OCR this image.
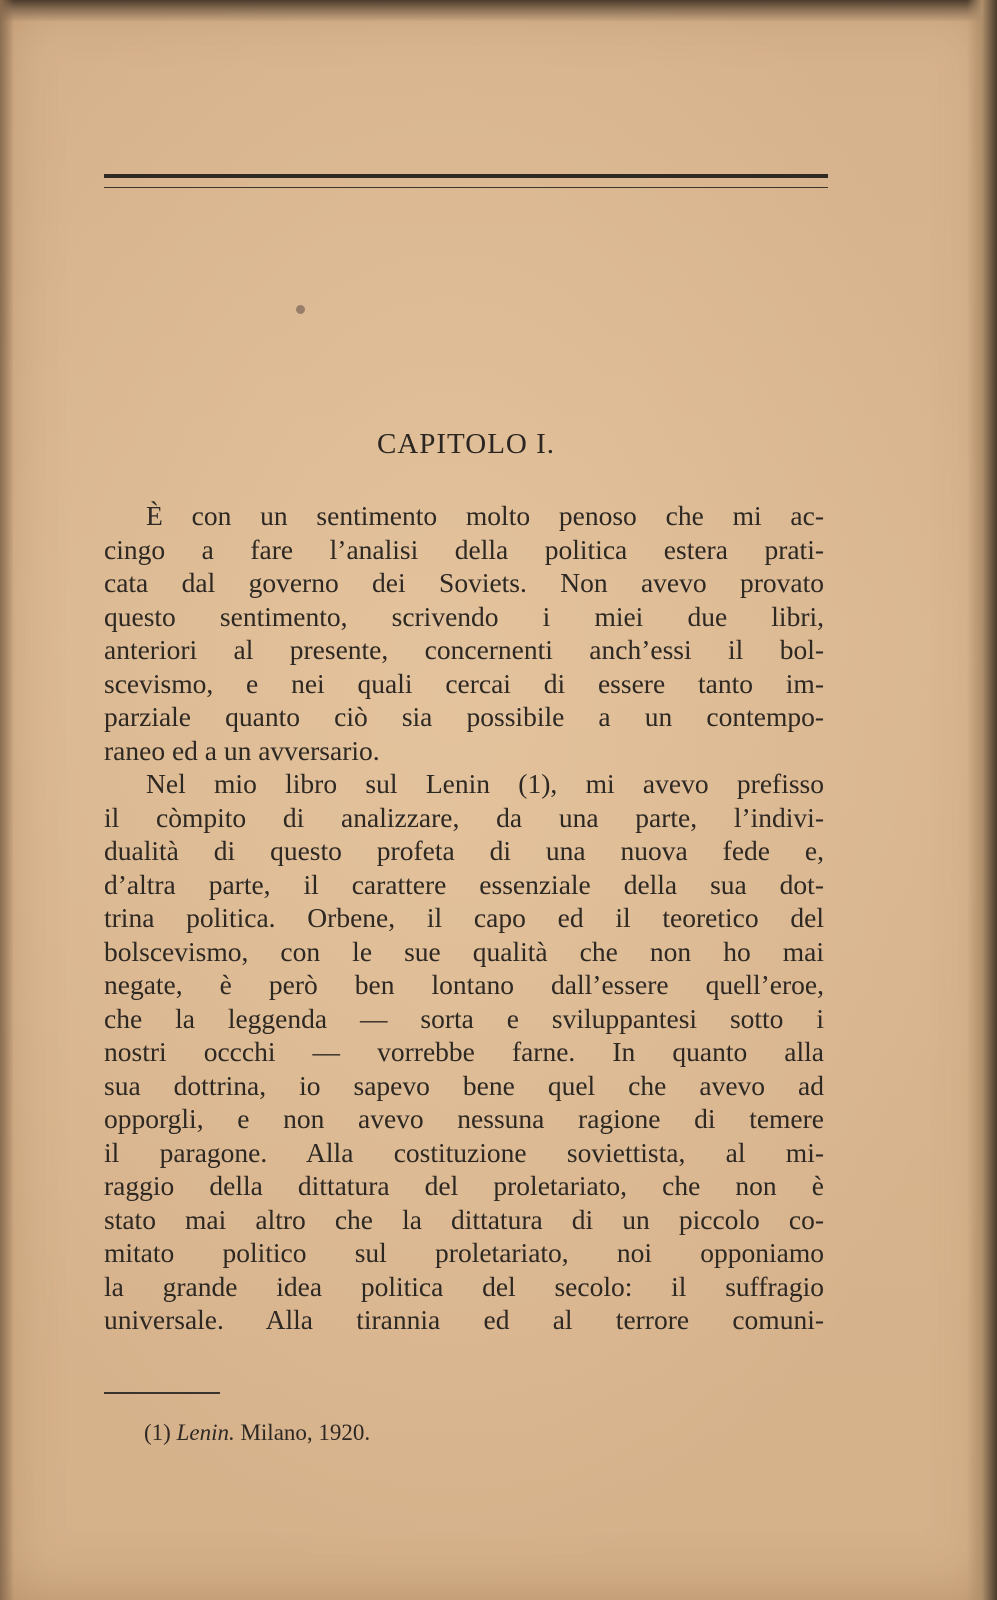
CAPITOLO I.
È con un sentimento molto penoso che mi ac-
cingo a fare l’analisi della politica estera prati-
cata dal governo dei Soviets. Non avevo provato
questo sentimento, scrivendo i miei due libri,
anteriori al presente, concernenti anch’essi il bol-
scevismo, e nei quali cercai di essere tanto im-
parziale quanto ciò sia possibile a un contempo-
raneo ed a un avversario.
Nel mio libro sul Lenin (1), mi avevo prefisso
il còmpito di analizzare, da una parte, l’indivi-
dualità di questo profeta di una nuova fede e,
d’altra parte, il carattere essenziale della sua dot-
trina politica. Orbene, il capo ed il teoretico del
bolscevismo, con le sue qualità che non ho mai
negate, è però ben lontano dall’essere quell’eroe,
che la leggenda — sorta e sviluppantesi sotto i
nostri occchi — vorrebbe farne. In quanto alla
sua dottrina, io sapevo bene quel che avevo ad
opporgli, e non avevo nessuna ragione di temere
il paragone. Alla costituzione soviettista, al mi-
raggio della dittatura del proletariato, che non è
stato mai altro che la dittatura di un piccolo co-
mitato politico sul proletariato, noi opponiamo
la grande idea politica del secolo: il suffragio
universale. Alla tirannia ed al terrore comuni-
(1) Lenin. Milano, 1920.
